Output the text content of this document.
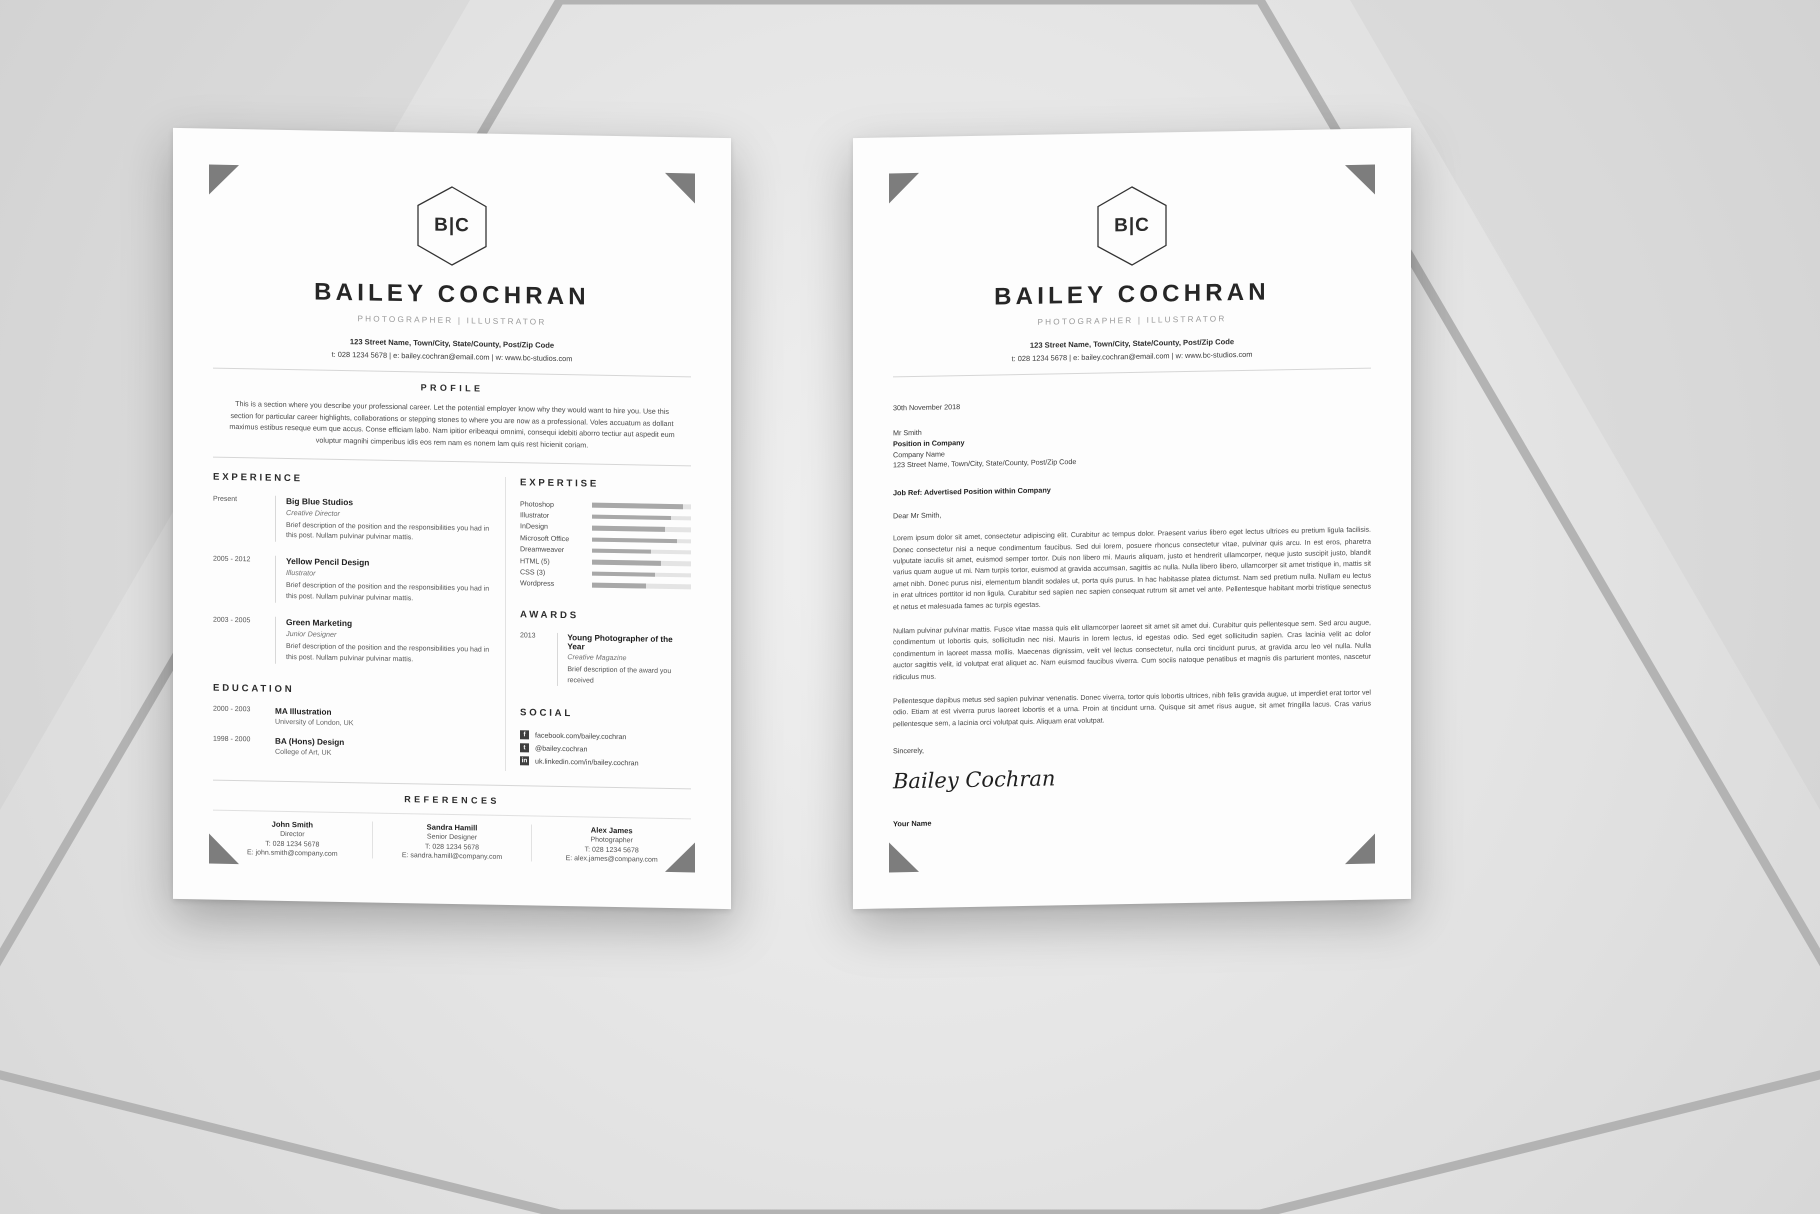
B|C
BAILEY COCHRAN
PHOTOGRAPHER | ILLUSTRATOR
123 Street Name, Town/City, State/County, Post/Zip Code
t: 028 1234 5678 | e: bailey.cochran@email.com | w: www.bc-studios.com
PROFILE
This is a section where you describe your professional career. Let the potential employer know why they would want to hire you. Use this section for particular career highlights, collaborations or stepping stones to where you are now as a professional. Voles accuatum as dollant maximus estibus reseque eum que accus. Conse efficiam labo. Nam ipitior eribeaqui omnimi, consequi idebiti aborro tectiur aut aspedit eum voluptur magnihi cimperibus idis eos rem nam es nonem lam quis rest hicienit coriam.
EXPERIENCE
Present	Big Blue Studios
Creative Director

Brief description of the position and the responsibilities you had in this post. Nullam pulvinar pulvinar mattis.

2005 - 2012	Yellow Pencil Design
Illustrator

Brief description of the position and the responsibilities you had in this post. Nullam pulvinar pulvinar mattis.

2003 - 2005	Green Marketing
Junior Designer

Brief description of the position and the responsibilities you had in this post. Nullam pulvinar pulvinar mattis.

EDUCATION
2000 - 2003	MA Illustration
University of London, UK
1998 - 2000	BA (Hons) Design
College of Art, UK
EXPERTISE
Photoshop
Illustrator
InDesign
Microsoft Office
Dreamweaver
HTML (5)
CSS (3)
Wordpress
AWARDS
2013	Young Photographer of the Year
Creative Magazine

Brief description of the award you received

SOCIAL
f	facebook.com/bailey.cochran
t	@bailey.cochran
in uk.linkedin.com/in/bailey.cochran
REFERENCES
John Smith
Director
T: 028 1234 5678
E: john.smith@company.com
Sandra Hamill
Senior Designer
T: 028 1234 5678
E: sandra.hamill@company.com
Alex James
Photographer
T: 028 1234 5678
E: alex.james@company.com
B|C
BAILEY COCHRAN
PHOTOGRAPHER | ILLUSTRATOR
123 Street Name, Town/City, State/County, Post/Zip Code
t: 028 1234 5678 | e: bailey.cochran@email.com | w: www.bc-studios.com
30th November 2018
Mr Smith
Position in Company
Company Name
123 Street Name, Town/City, State/County, Post/Zip Code
Job Ref: Advertised Position within Company
Dear Mr Smith,
Lorem ipsum dolor sit amet, consectetur adipiscing elit. Curabitur ac tempus dolor. Praesent varius libero eget lectus ultrices eu pretium ligula facilisis. Donec consectetur nisi a neque condimentum faucibus. Sed dui lorem, posuere rhoncus consectetur vitae, pulvinar quis arcu. In est eros, pharetra vulputate iaculis sit amet, euismod semper tortor. Duis non libero mi. Mauris aliquam, justo et hendrerit ullamcorper, neque justo suscipit justo, blandit varius quam augue ut mi. Nam turpis tortor, euismod at gravida accumsan, sagittis ac nulla. Nulla libero libero, ullamcorper sit amet tristique in, mattis sit amet nibh. Donec purus nisi, elementum blandit sodales ut, porta quis purus. In hac habitasse platea dictumst. Nam sed pretium nulla. Nullam eu lectus in erat ultrices porttitor id non ligula. Curabitur sed sapien nec sapien consequat rutrum sit amet vel ante. Pellentesque habitant morbi tristique senectus et netus et malesuada fames ac turpis egestas.
Nullam pulvinar pulvinar mattis. Fusce vitae massa quis elit ullamcorper laoreet sit amet sit amet dui. Curabitur quis pellentesque sem. Sed arcu augue, condimentum ut lobortis quis, sollicitudin nec nisi. Mauris in lorem lectus, id egestas odio. Sed eget sollicitudin sapien. Cras lacinia velit ac dolor condimentum in laoreet massa mollis. Maecenas dignissim, velit vel lectus consectetur, nulla orci tincidunt purus, at gravida arcu leo vel nulla. Nulla auctor sagittis velit, id volutpat erat aliquet ac. Nam euismod faucibus viverra. Cum sociis natoque penatibus et magnis dis parturient montes, nascetur ridiculus mus.
Pellentesque dapibus metus sed sapien pulvinar venenatis. Donec viverra, tortor quis lobortis ultrices, nibh felis gravida augue, ut imperdiet erat tortor vel odio. Etiam at est viverra purus laoreet lobortis et a urna. Proin at tincidunt urna. Quisque sit amet risus augue, sit amet fringilla lacus. Cras varius pellentesque sem, a lacinia orci volutpat quis. Aliquam erat volutpat.
Sincerely,
Bailey Cochran
Your Name
